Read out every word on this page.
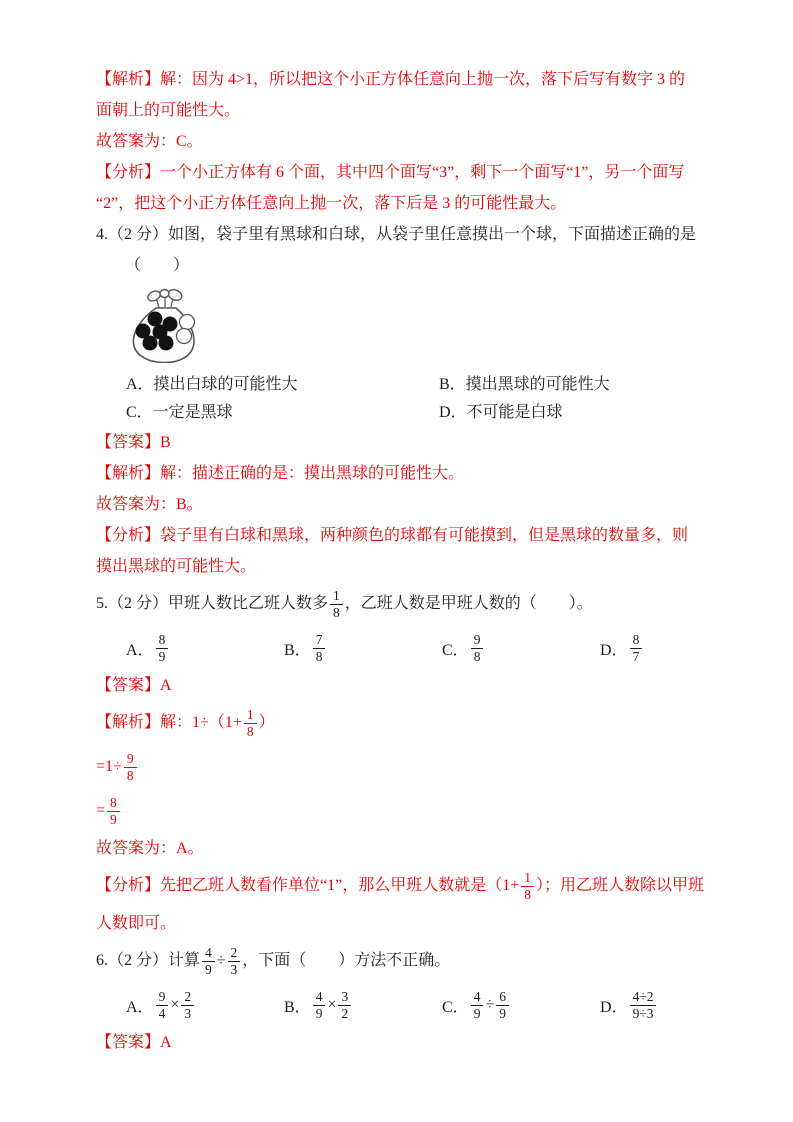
【解析】解：因为 4>1，所以把这个小正方体任意向上抛一次，落下后写有数字 3 的
面朝上的可能性大。
故答案为：C。
【分析】一个小正方体有 6 个面，其中四个面写“3”，剩下一个面写“1”，另一个面写
“2”，把这个小正方体任意向上抛一次，落下后是 3 的可能性最大。
4.（2 分）如图，袋子里有黑球和白球，从袋子里任意摸出一个球，下面描述正确的是
（　　）
A．摸出白球的可能性大	B．摸出黑球的可能性大
C．一定是黑球	D．不可能是白球
【答案】B
【解析】解：描述正确的是：摸出黑球的可能性大。
故答案为：B。
【分析】袋子里有白球和黑球，两种颜色的球都有可能摸到，但是黑球的数量多，则
摸出黑球的可能性大。
5.（2 分）甲班人数比乙班人数多 $\frac{1}{8}$ ，乙班人数是甲班人数的（　　）。
A． $\frac{8}{9}$	B． $\frac{7}{8}$	C． $\frac{9}{8}$	D． $\frac{8}{7}$
【答案】A
【解析】解：$1\div(1+ \frac{1}{8}$ ）
$=1\div \frac{9}{8}$
= $\frac{8}{9}$
故答案为：A。
【分析】先把乙班人数看作单位“1”，那么甲班人数就是（$1+ \frac{1}{8}$ ）；用乙班人数除以甲班
人数即可。
6.（2 分）计算 $\frac{4}{9} \div \frac{2}{3}$ ，下面（　　）方法不正确。
A． $\frac{9}{4} \times \frac{2}{3}$	B． $\frac{4}{9} \times \frac{3}{2}$	C． $\frac{4}{9} \div \frac{6}{9}$	D． $\frac{4\div 2}{9\div 3}$
【答案】A
